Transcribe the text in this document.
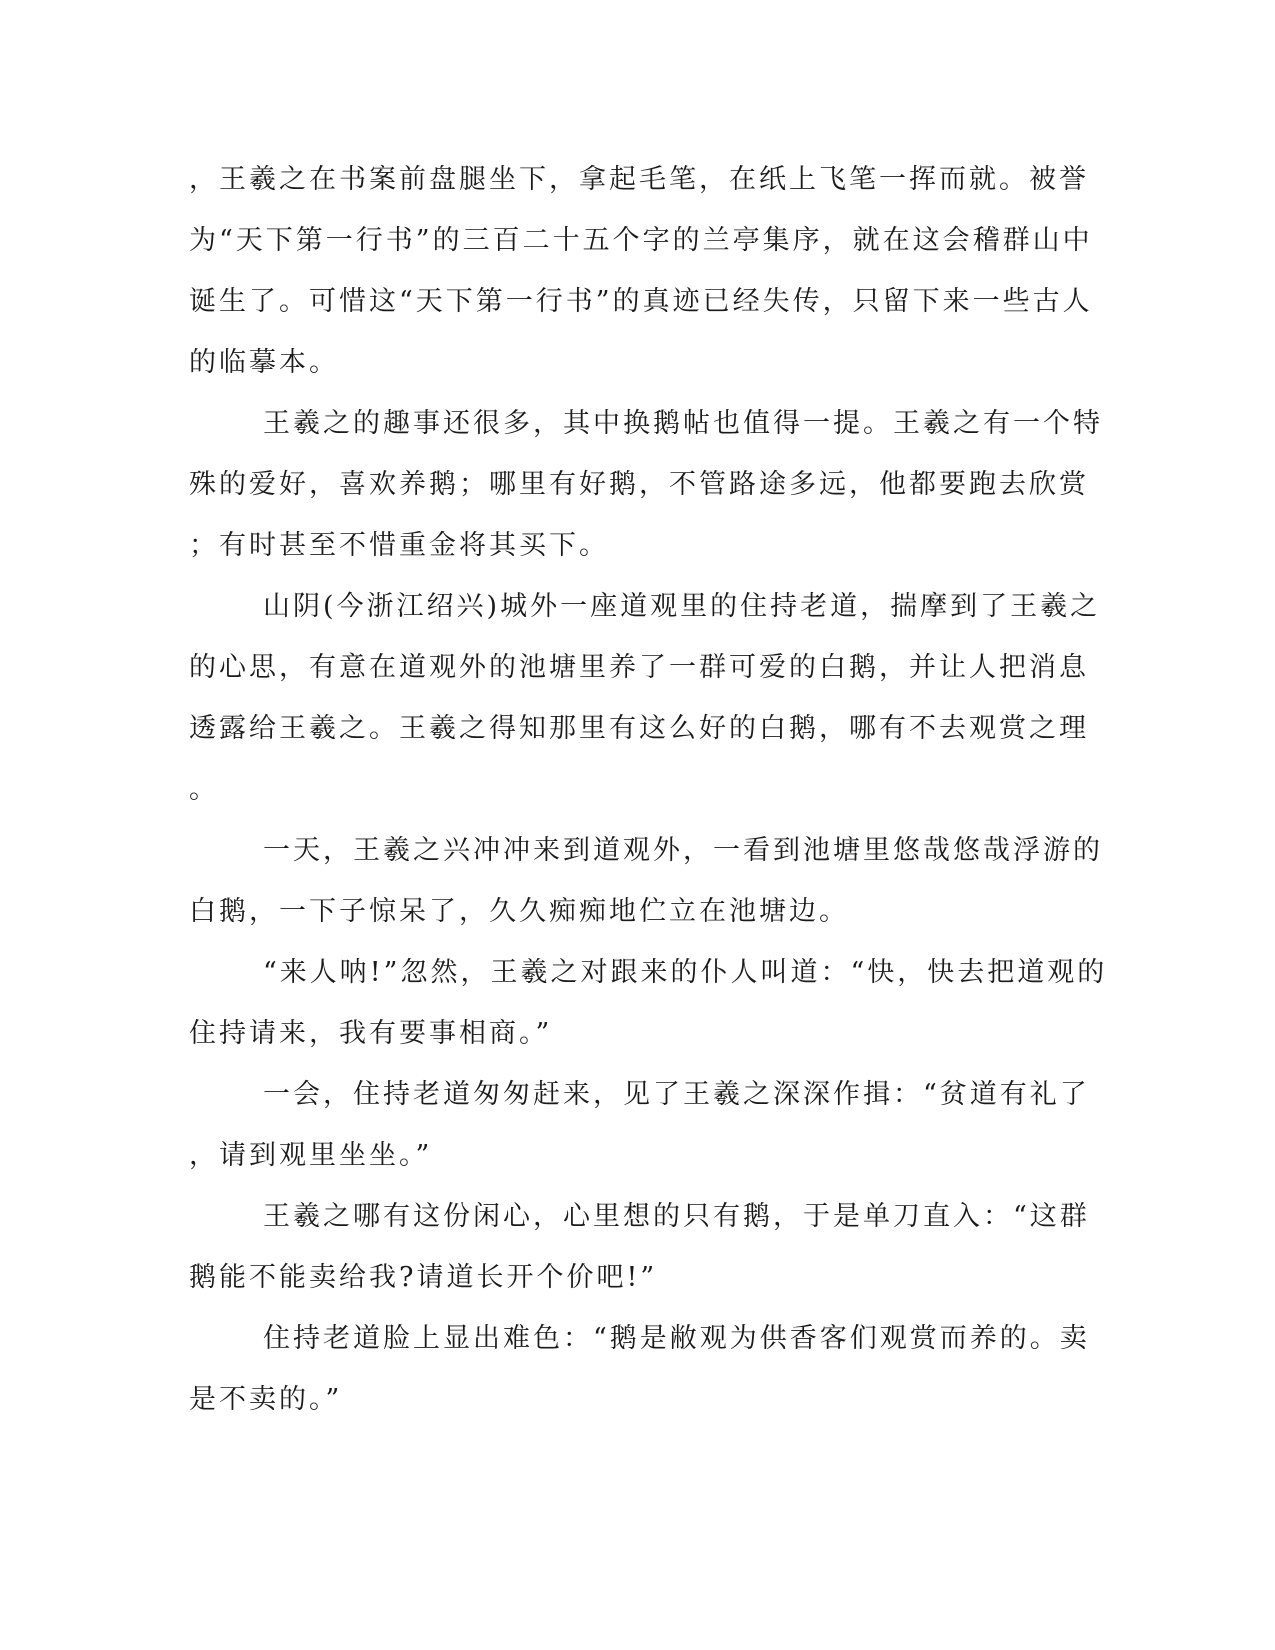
，王羲之在书案前盘腿坐下，拿起毛笔，在纸上飞笔一挥而就。被誉
为“天下第一行书”的三百二十五个字的兰亭集序，就在这会稽群山中
诞生了。可惜这“天下第一行书”的真迹已经失传，只留下来一些古人
的临摹本。
王羲之的趣事还很多，其中换鹅帖也值得一提。王羲之有一个特
殊的爱好，喜欢养鹅；哪里有好鹅，不管路途多远，他都要跑去欣赏
；有时甚至不惜重金将其买下。
山阴(今浙江绍兴)城外一座道观里的住持老道，揣摩到了王羲之
的心思，有意在道观外的池塘里养了一群可爱的白鹅，并让人把消息
透露给王羲之。王羲之得知那里有这么好的白鹅，哪有不去观赏之理
。
一天，王羲之兴冲冲来到道观外，一看到池塘里悠哉悠哉浮游的
白鹅，一下子惊呆了，久久痴痴地伫立在池塘边。
“来人呐!”忽然，王羲之对跟来的仆人叫道：“快，快去把道观的
住持请来，我有要事相商。”
一会，住持老道匆匆赶来，见了王羲之深深作揖：“贫道有礼了
，请到观里坐坐。”
王羲之哪有这份闲心，心里想的只有鹅，于是单刀直入：“这群
鹅能不能卖给我?请道长开个价吧!”
住持老道脸上显出难色：“鹅是敝观为供香客们观赏而养的。卖
是不卖的。”
